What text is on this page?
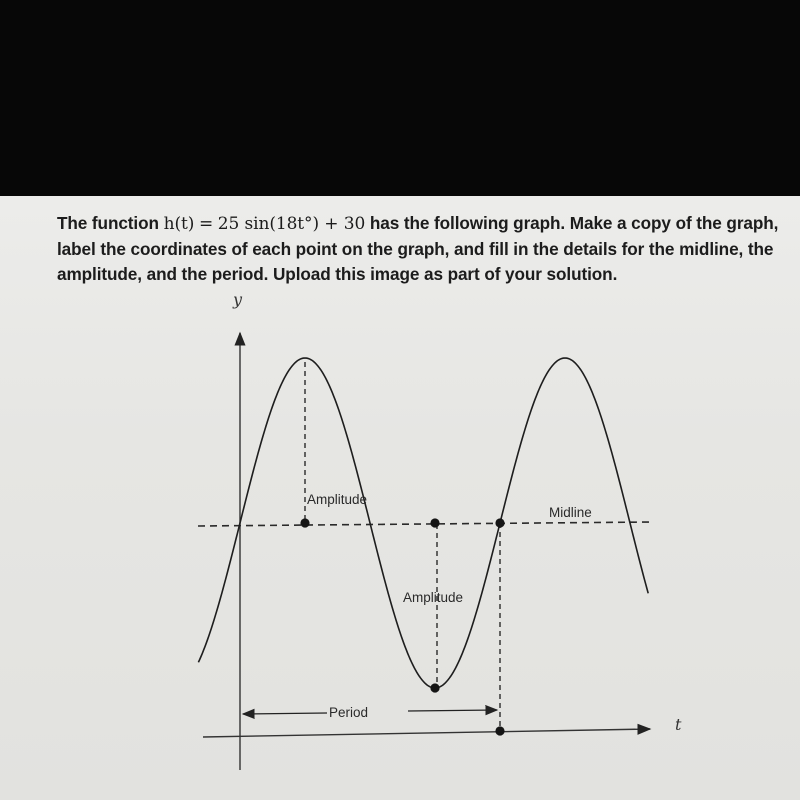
The function h(t) = 25 sin(18t°) + 30 has the following graph. Make a copy of the graph, label the coordinates of each point on the graph, and fill in the details for the midline, the amplitude, and the period. Upload this image as part of your solution.
y
t
Amplitude
Amplitude
Midline
Period
